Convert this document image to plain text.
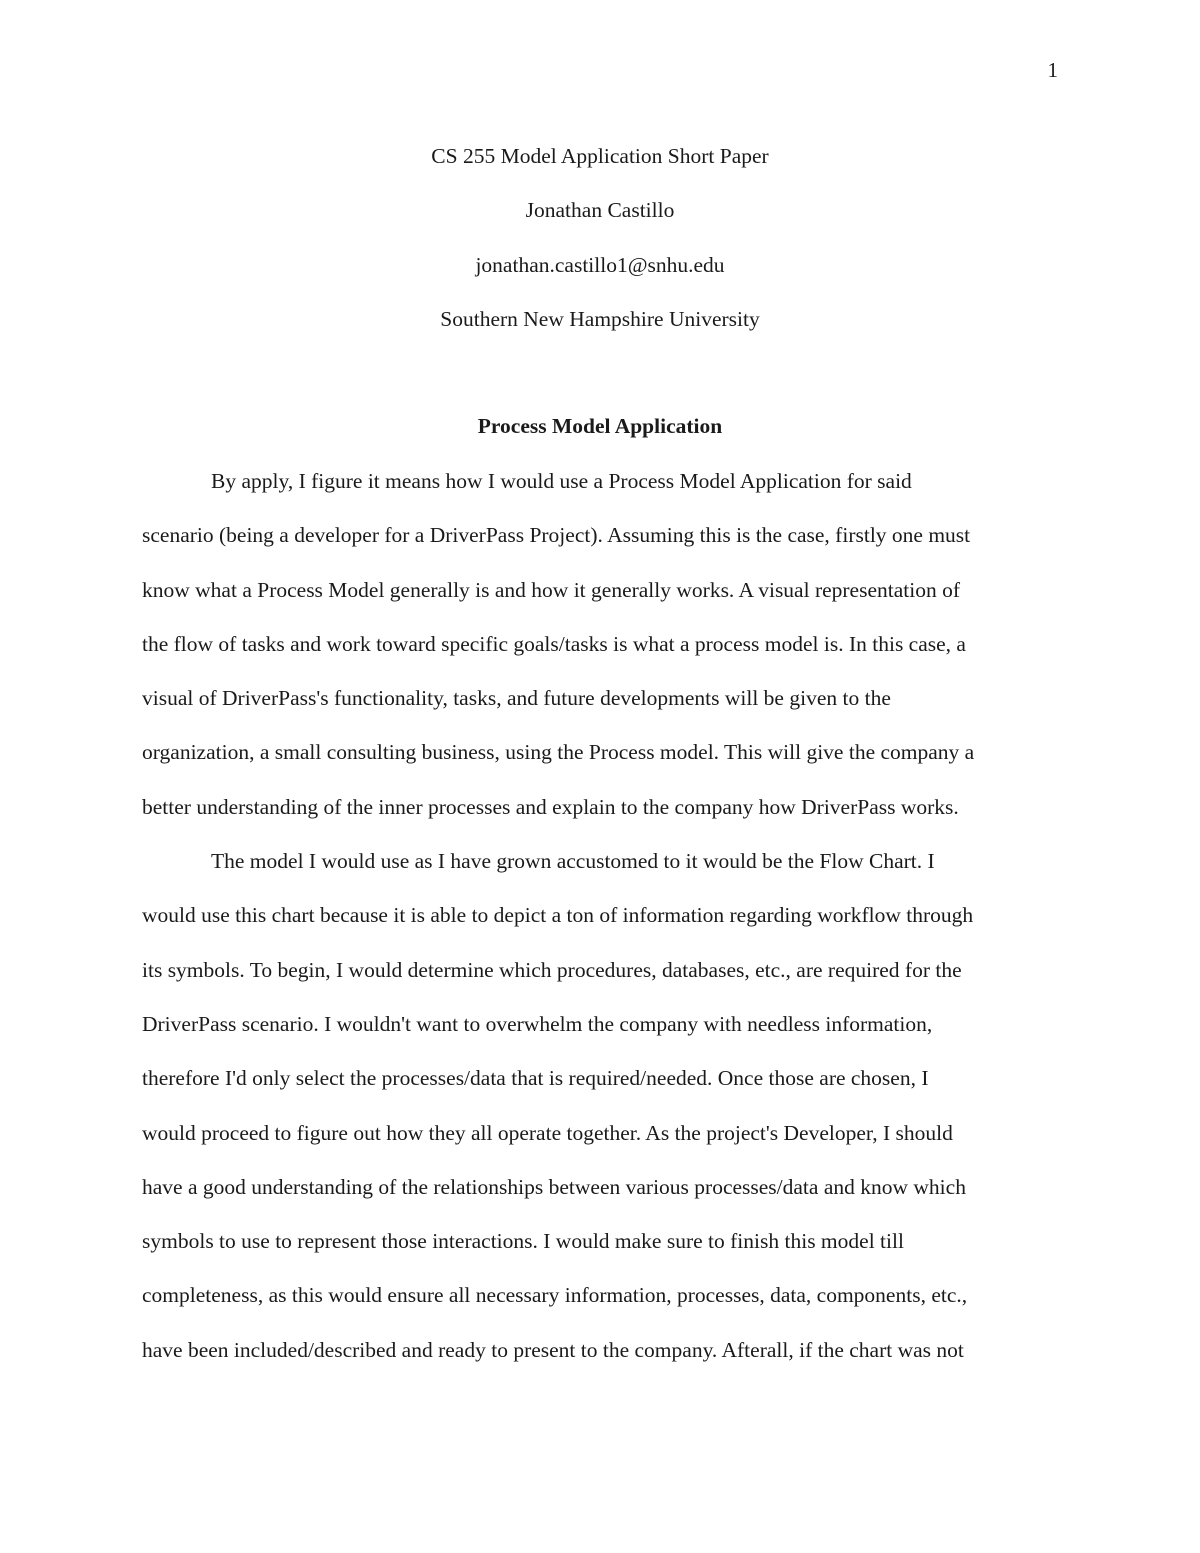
1
CS 255 Model Application Short Paper
Jonathan Castillo
jonathan.castillo1@snhu.edu
Southern New Hampshire University
Process Model Application
By apply, I figure it means how I would use a Process Model Application for said
scenario (being a developer for a DriverPass Project). Assuming this is the case, firstly one must
know what a Process Model generally is and how it generally works. A visual representation of
the flow of tasks and work toward specific goals/tasks is what a process model is. In this case, a
visual of DriverPass's functionality, tasks, and future developments will be given to the
organization, a small consulting business, using the Process model. This will give the company a
better understanding of the inner processes and explain to the company how DriverPass works.
The model I would use as I have grown accustomed to it would be the Flow Chart. I
would use this chart because it is able to depict a ton of information regarding workflow through
its symbols. To begin, I would determine which procedures, databases, etc., are required for the
DriverPass scenario. I wouldn't want to overwhelm the company with needless information,
therefore I'd only select the processes/data that is required/needed. Once those are chosen, I
would proceed to figure out how they all operate together. As the project's Developer, I should
have a good understanding of the relationships between various processes/data and know which
symbols to use to represent those interactions. I would make sure to finish this model till
completeness, as this would ensure all necessary information, processes, data, components, etc.,
have been included/described and ready to present to the company. Afterall, if the chart was not
